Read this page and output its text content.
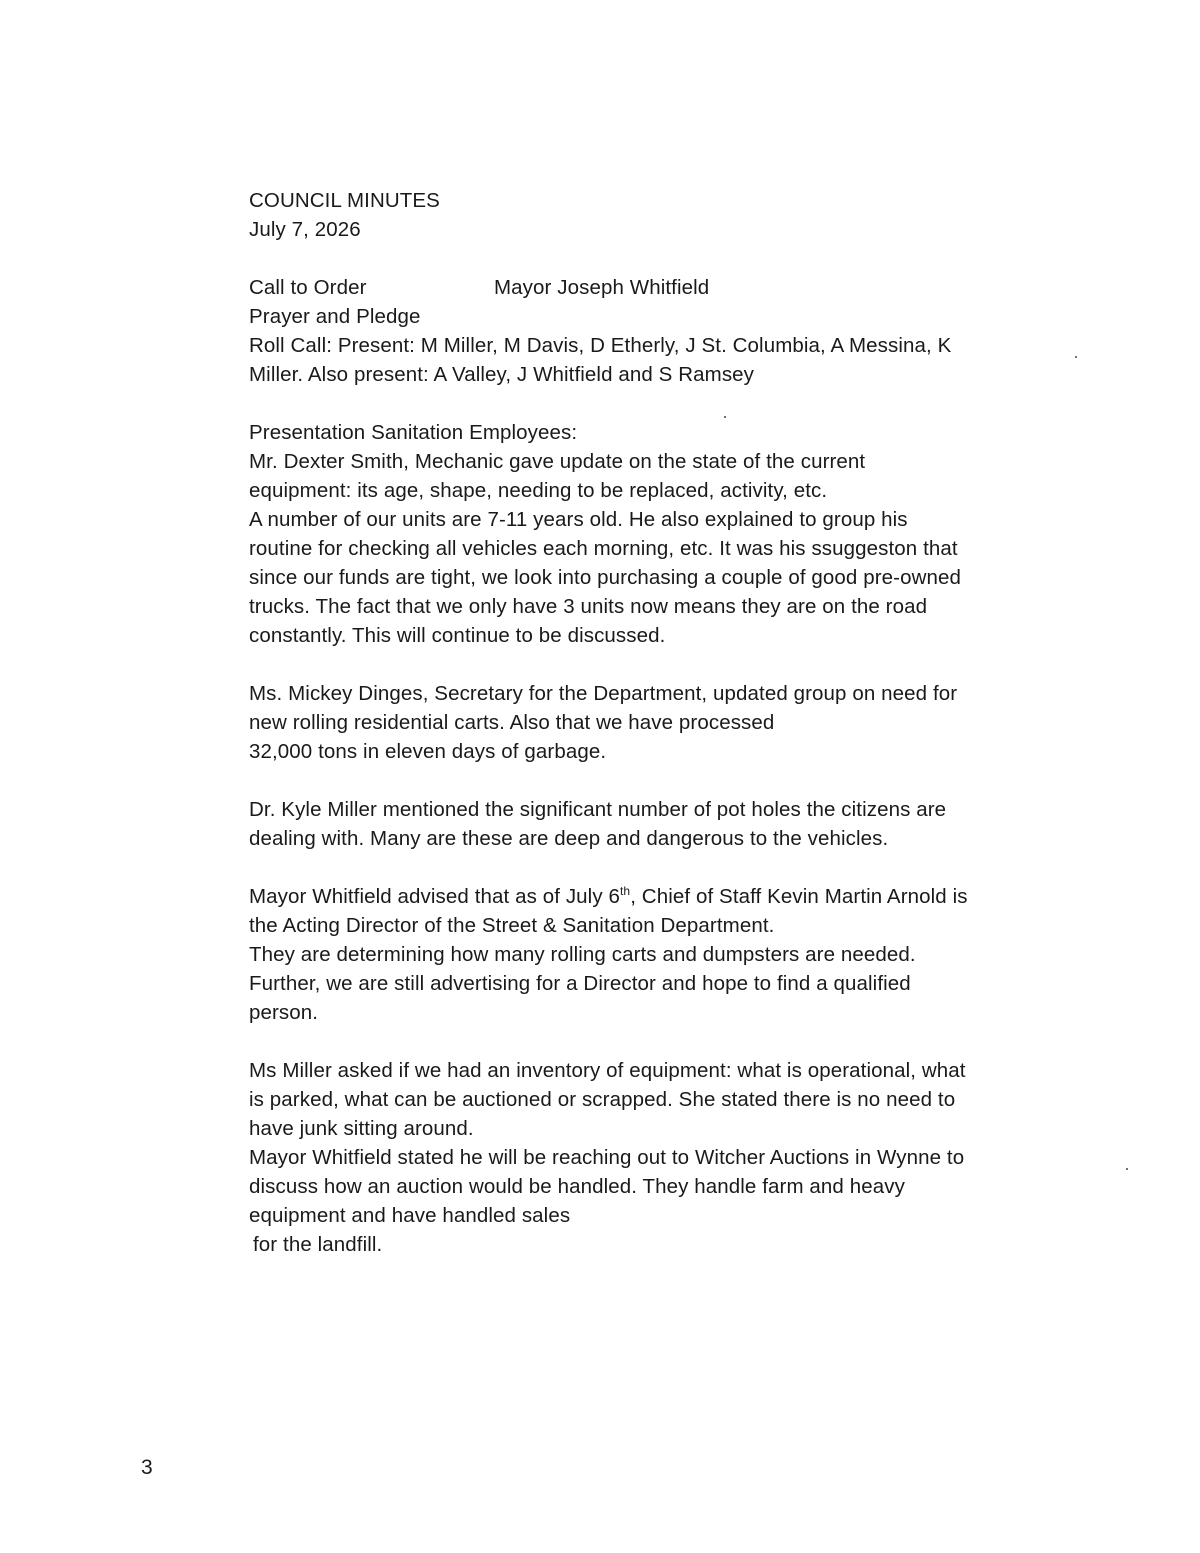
COUNCIL MINUTES
July 7, 2026
Call to Order	Mayor Joseph Whitfield
Prayer and Pledge
Roll Call: Present: M Miller, M Davis, D Etherly, J St. Columbia, A Messina, K
Miller. Also present: A Valley, J Whitfield and S Ramsey
Presentation Sanitation Employees:
Mr. Dexter Smith, Mechanic gave update on the state of the current
equipment: its age, shape, needing to be replaced, activity, etc.
A number of our units are 7-11 years old. He also explained to group his
routine for checking all vehicles each morning, etc. It was his ssuggeston that
since our funds are tight, we look into purchasing a couple of good pre-owned
trucks. The fact that we only have 3 units now means they are on the road
constantly. This will continue to be discussed.
Ms. Mickey Dinges, Secretary for the Department, updated group on need for
new rolling residential carts. Also that we have processed
32,000 tons in eleven days of garbage.
Dr. Kyle Miller mentioned the significant number of pot holes the citizens are
dealing with. Many are these are deep and dangerous to the vehicles.
Mayor Whitfield advised that as of July 6th, Chief of Staff Kevin Martin Arnold is
the Acting Director of the Street & Sanitation Department.
They are determining how many rolling carts and dumpsters are needed.
Further, we are still advertising for a Director and hope to find a qualified
person.
Ms Miller asked if we had an inventory of equipment: what is operational, what
is parked, what can be auctioned or scrapped. She stated there is no need to
have junk sitting around.
Mayor Whitfield stated he will be reaching out to Witcher Auctions in Wynne to
discuss how an auction would be handled. They handle farm and heavy
equipment and have handled sales
for the landfill.
3
